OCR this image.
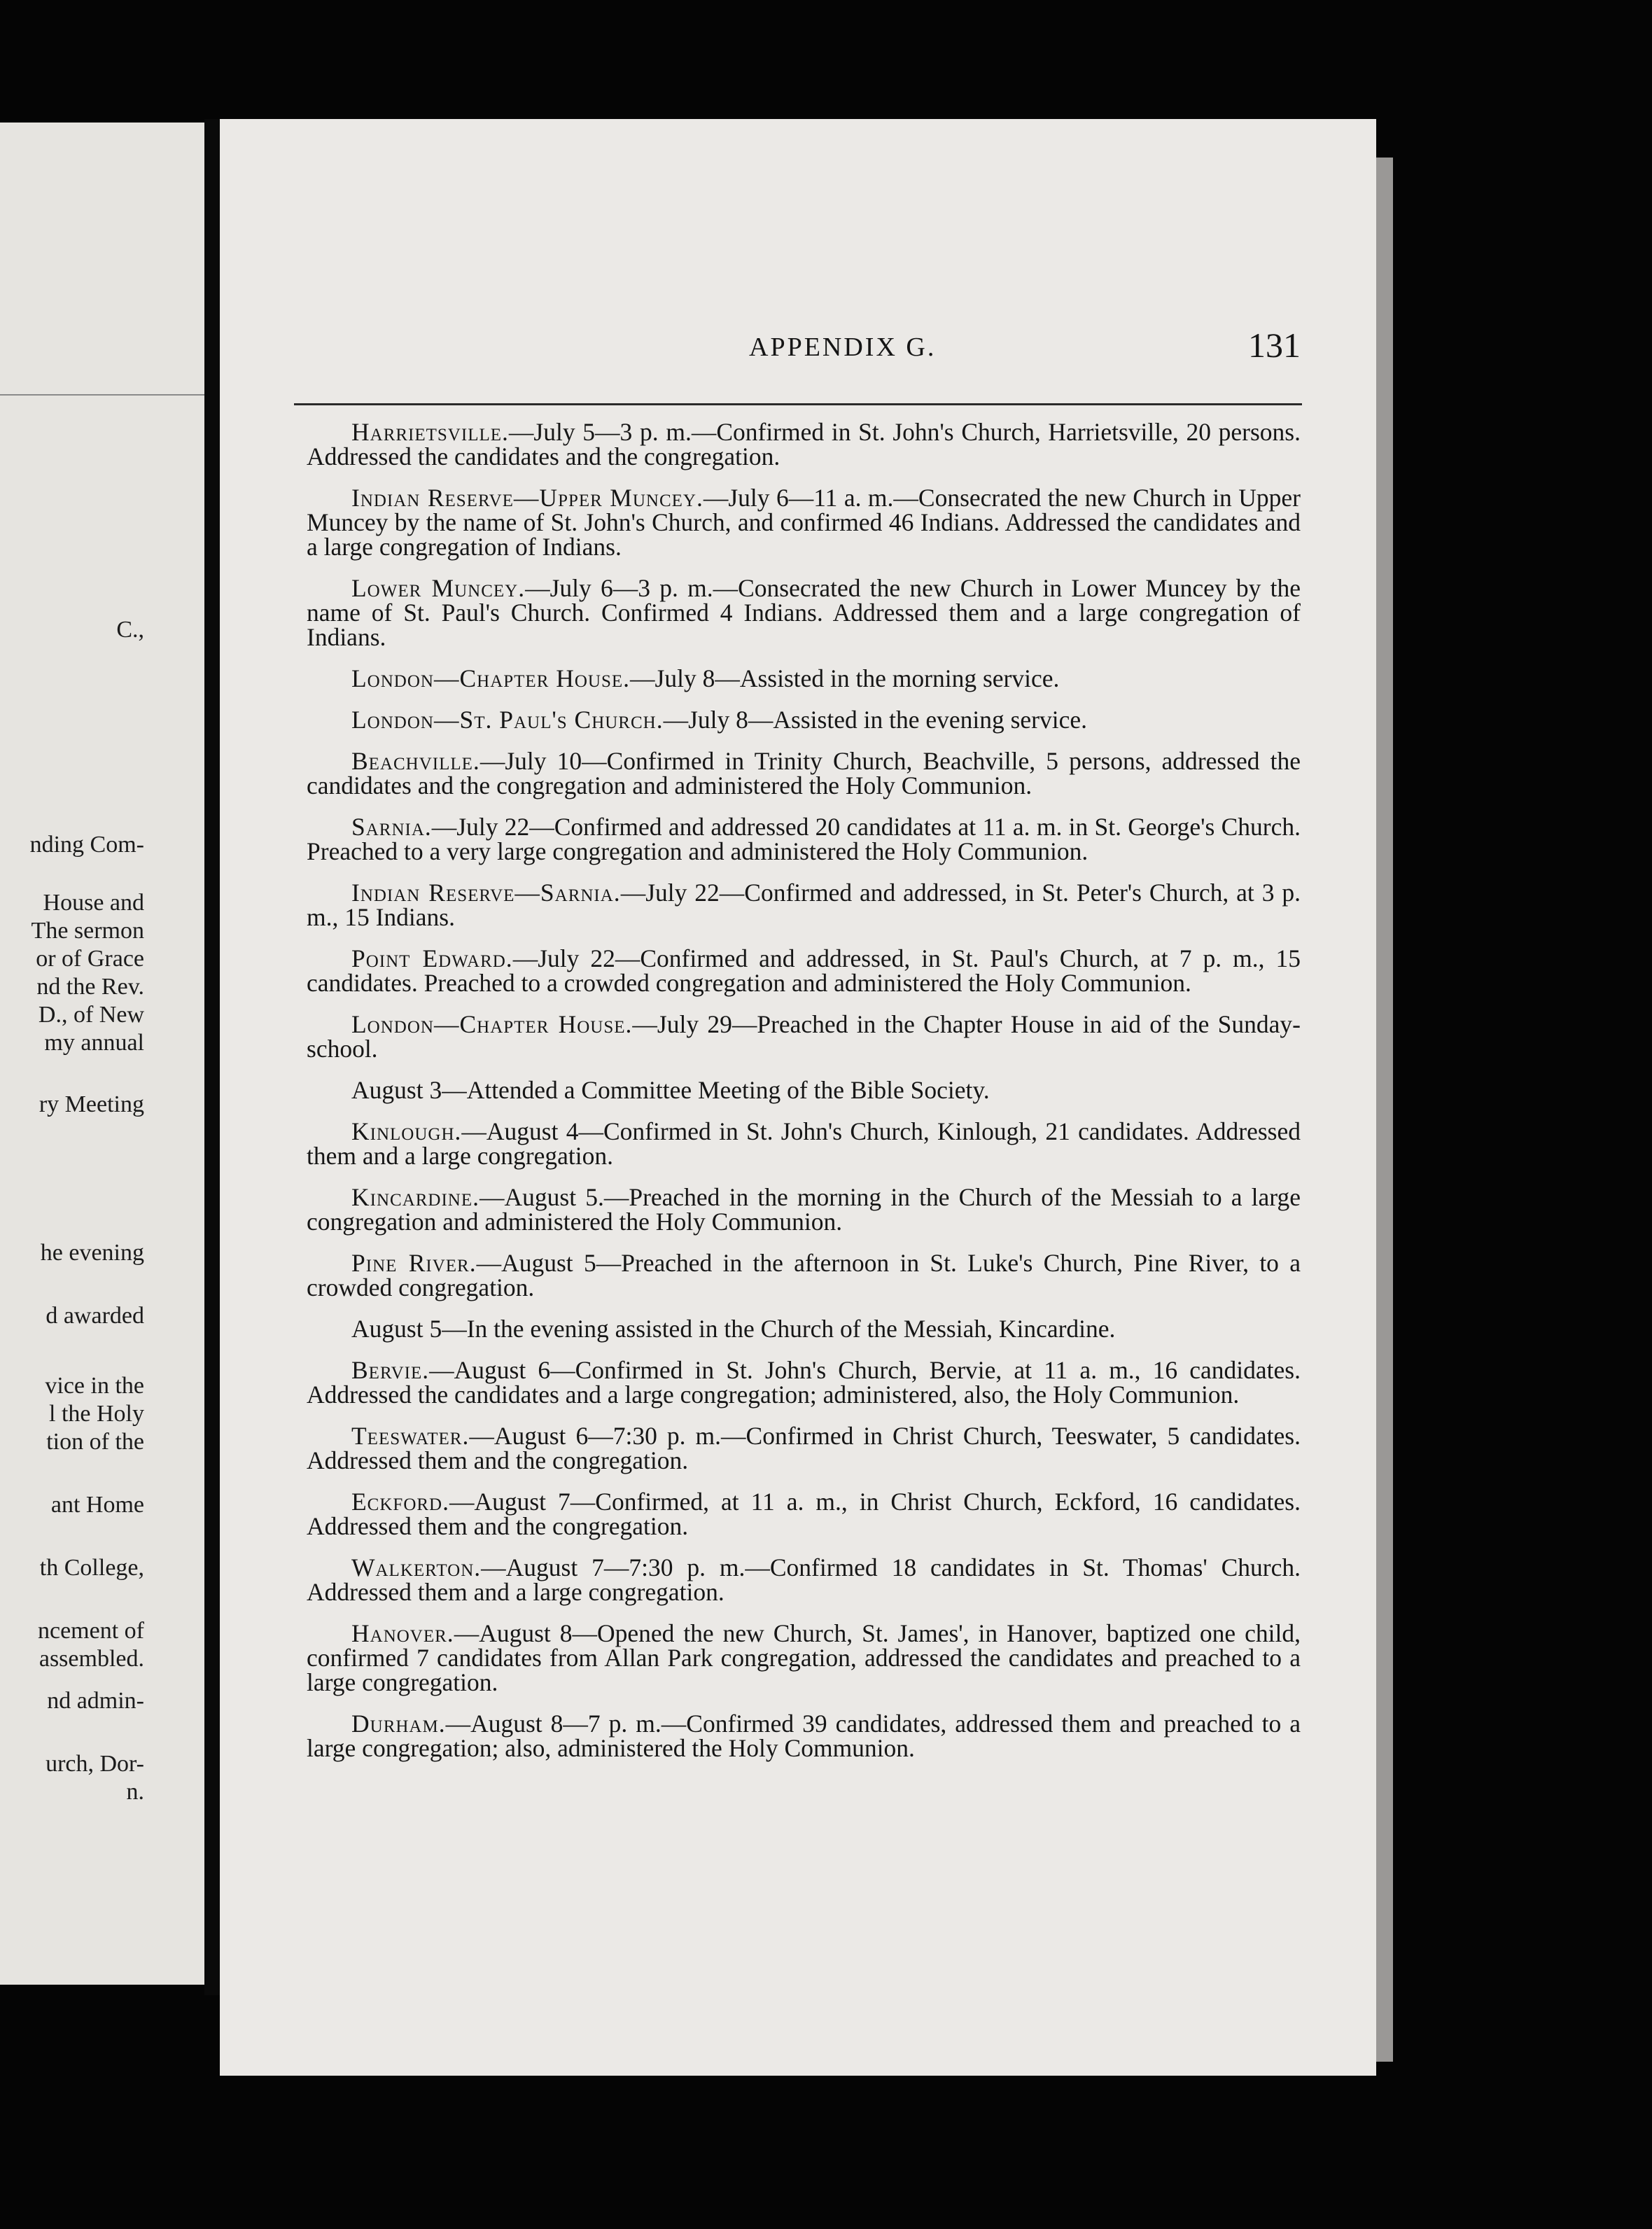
C.,
nding Com-
House and
The sermon
or of Grace
nd the Rev.
D., of New
my annual
ry Meeting
he evening
d awarded
vice in the
l the Holy
tion of the
ant Home
th College,
ncement of
assembled.
nd admin-
urch, Dor-
n.
APPENDIX G.	131

Harrietsville.—July 5—3 p. m.—Confirmed in St. John's Church, Harrietsville, 20 persons. Addressed the candidates and the congregation.

Indian Reserve—Upper Muncey.—July 6—11 a. m.—Consecrated the new Church in Upper Muncey by the name of St. John's Church, and confirmed 46 Indians. Addressed the candidates and a large congregation of Indians.

Lower Muncey.—July 6—3 p. m.—Consecrated the new Church in Lower Muncey by the name of St. Paul's Church. Confirmed 4 Indians. Addressed them and a large congregation of Indians.

London—Chapter House.—July 8—Assisted in the morning service.

London—St. Paul's Church.—July 8—Assisted in the evening service.

Beachville.—July 10—Confirmed in Trinity Church, Beachville, 5 persons, addressed the candidates and the congregation and administered the Holy Communion.

Sarnia.—July 22—Confirmed and addressed 20 candidates at 11 a. m. in St. George's Church. Preached to a very large congregation and administered the Holy Communion.

Indian Reserve—Sarnia.—July 22—Confirmed and addressed, in St. Peter's Church, at 3 p. m., 15 Indians.

Point Edward.—July 22—Confirmed and addressed, in St. Paul's Church, at 7 p. m., 15 candidates. Preached to a crowded congregation and administered the Holy Communion.

London—Chapter House.—July 29—Preached in the Chapter House in aid of the Sunday-school.

August 3—Attended a Committee Meeting of the Bible Society.

Kinlough.—August 4—Confirmed in St. John's Church, Kinlough, 21 candidates. Addressed them and a large congregation.

Kincardine.—August 5.—Preached in the morning in the Church of the Messiah to a large congregation and administered the Holy Communion.

Pine River.—August 5—Preached in the afternoon in St. Luke's Church, Pine River, to a crowded congregation.

August 5—In the evening assisted in the Church of the Messiah, Kincardine.

Bervie.—August 6—Confirmed in St. John's Church, Bervie, at 11 a. m., 16 candidates. Addressed the candidates and a large congregation; administered, also, the Holy Communion.

Teeswater.—August 6—7:30 p. m.—Confirmed in Christ Church, Teeswater, 5 candidates. Addressed them and the congregation.

Eckford.—August 7—Confirmed, at 11 a. m., in Christ Church, Eckford, 16 candidates. Addressed them and the congregation.

Walkerton.—August 7—7:30 p. m.—Confirmed 18 candidates in St. Thomas' Church. Addressed them and a large congregation.

Hanover.—August 8—Opened the new Church, St. James', in Hanover, baptized one child, confirmed 7 candidates from Allan Park congregation, addressed the candidates and preached to a large congregation.

Durham.—August 8—7 p. m.—Confirmed 39 candidates, addressed them and preached to a large congregation; also, administered the Holy Communion.
